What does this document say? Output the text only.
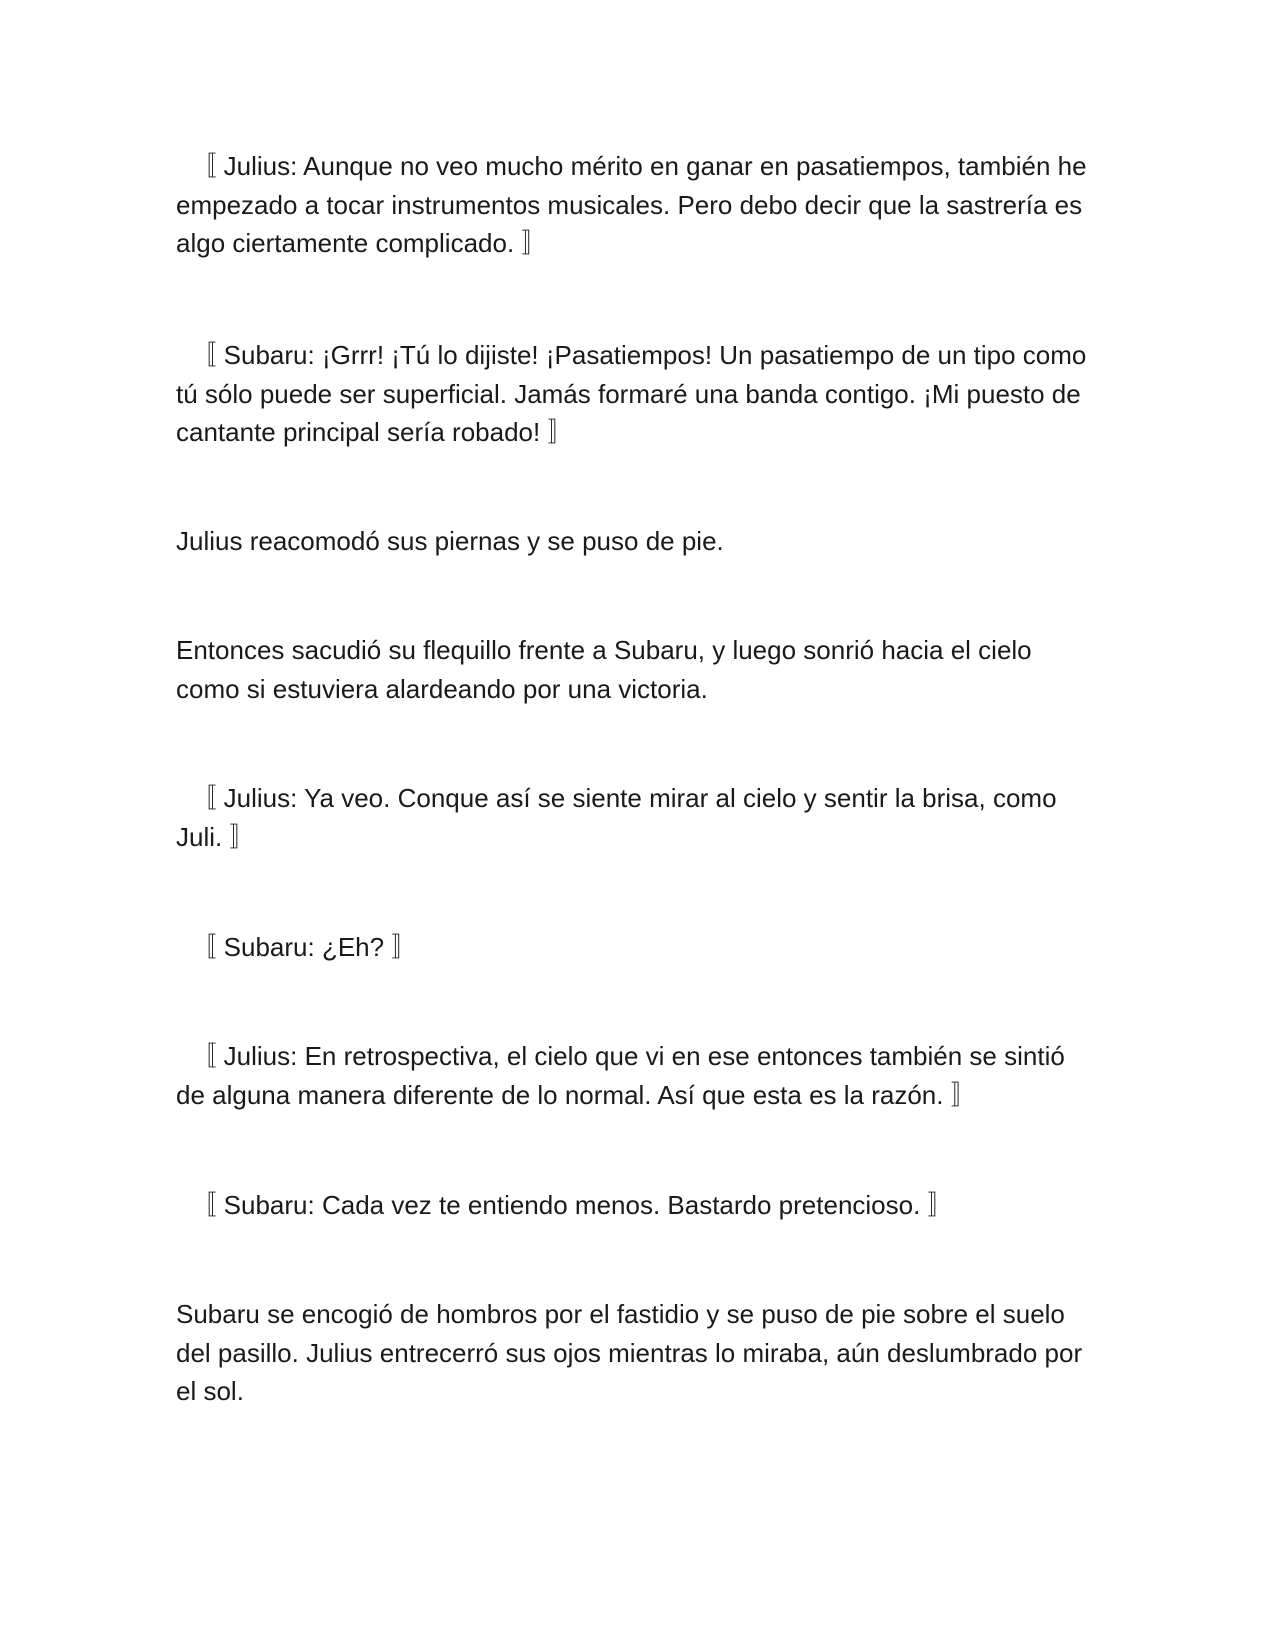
〚 Julius: Aunque no veo mucho mérito en ganar en pasatiempos, también he empezado a tocar instrumentos musicales. Pero debo decir que la sastrería es algo ciertamente complicado. 〛

〚 Subaru: ¡Grrr! ¡Tú lo dijiste! ¡Pasatiempos! Un pasatiempo de un tipo como tú sólo puede ser superficial. Jamás formaré una banda contigo. ¡Mi puesto de cantante principal sería robado! 〛

Julius reacomodó sus piernas y se puso de pie.

Entonces sacudió su flequillo frente a Subaru, y luego sonrió hacia el cielo como si estuviera alardeando por una victoria.

〚 Julius: Ya veo. Conque así se siente mirar al cielo y sentir la brisa, como Juli. 〛

〚 Subaru: ¿Eh? 〛

〚 Julius: En retrospectiva, el cielo que vi en ese entonces también se sintió de alguna manera diferente de lo normal. Así que esta es la razón. 〛

〚 Subaru: Cada vez te entiendo menos. Bastardo pretencioso. 〛

Subaru se encogió de hombros por el fastidio y se puso de pie sobre el suelo del pasillo. Julius entrecerró sus ojos mientras lo miraba, aún deslumbrado por el sol.
